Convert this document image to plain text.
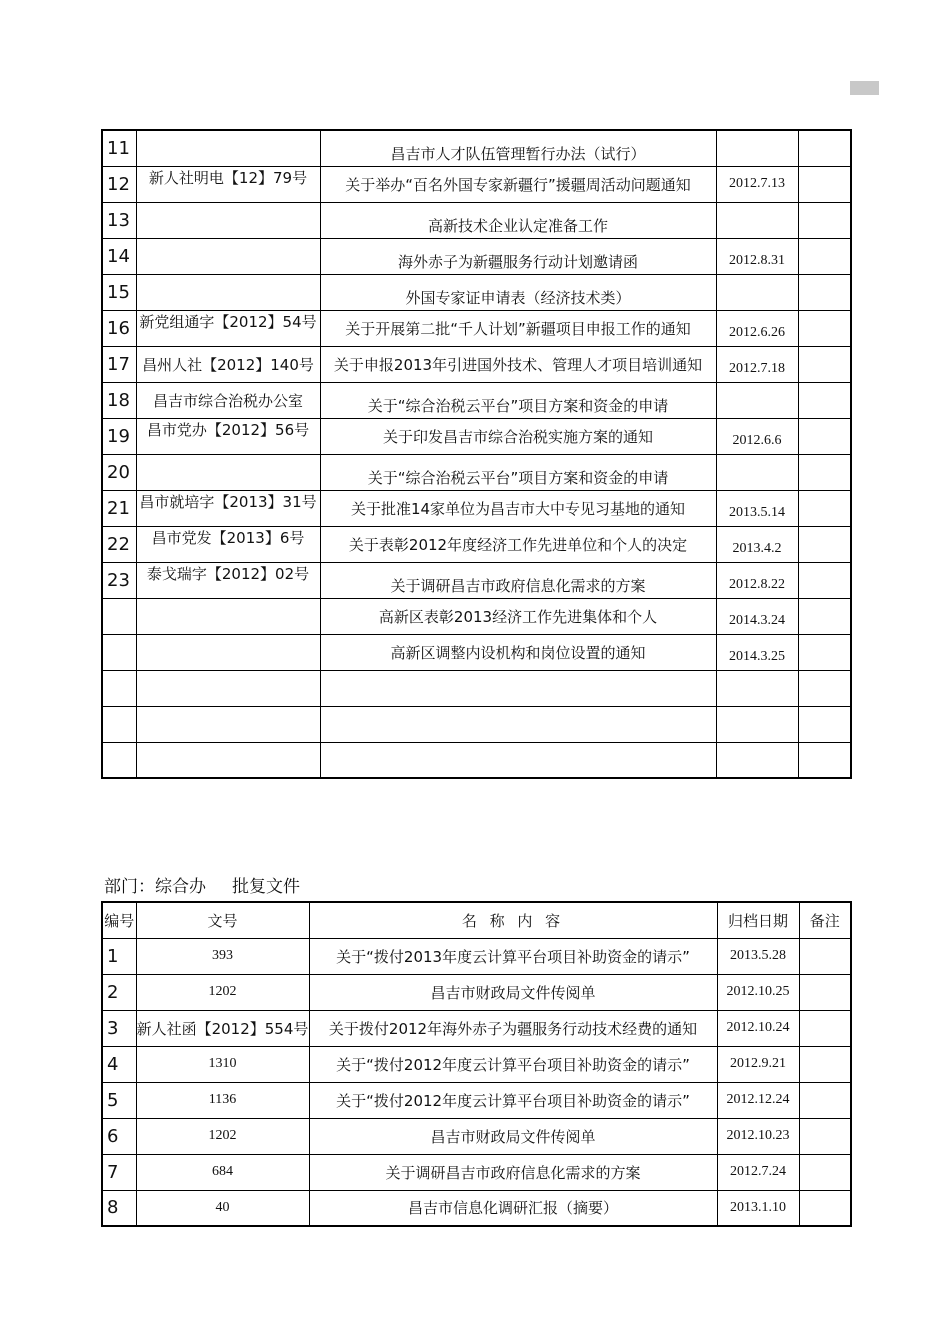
11		昌吉市人才队伍管理暂行办法（试行）		
12	新人社明电【12】79号	关于举办“百名外国专家新疆行”援疆周活动问题通知	2012.7.13	
13		高新技术企业认定准备工作		
14		海外赤子为新疆服务行动计划邀请函	2012.8.31	
15		外国专家证申请表（经济技术类）		
16	新党组通字【2012】54号	关于开展第二批“千人计划”新疆项目申报工作的通知	2012.6.26	
17	昌州人社【2012】140号	关于申报2013年引进国外技术、管理人才项目培训通知	2012.7.18	
18	昌吉市综合治税办公室	关于“综合治税云平台”项目方案和资金的申请		
19	昌市党办【2012】56号	关于印发昌吉市综合治税实施方案的通知	2012.6.6	
20		关于“综合治税云平台”项目方案和资金的申请		
21	昌市就培字【2013】31号	关于批准14家单位为昌吉市大中专见习基地的通知	2013.5.14	
22	昌市党发【2013】6号	关于表彰2012年度经济工作先进单位和个人的决定	2013.4.2	
23	泰戈瑞字【2012】02号	关于调研昌吉市政府信息化需求的方案	2012.8.22	
		高新区表彰2013经济工作先进集体和个人	2014.3.24	
		高新区调整内设机构和岗位设置的通知	2014.3.25	

部门：综合办 批复文件
编号	文号	名 称 内 容	归档日期	备注
1	393	关于“拨付2013年度云计算平台项目补助资金的请示”	2013.5.28	
2	1202	昌吉市财政局文件传阅单	2012.10.25	
3	新人社函【2012】554号	关于拨付2012年海外赤子为疆服务行动技术经费的通知	2012.10.24	
4	1310	关于“拨付2012年度云计算平台项目补助资金的请示”	2012.9.21	
5	1136	关于“拨付2012年度云计算平台项目补助资金的请示”	2012.12.24	
6	1202	昌吉市财政局文件传阅单	2012.10.23	
7	684	关于调研昌吉市政府信息化需求的方案	2012.7.24	
8	40	昌吉市信息化调研汇报（摘要）	2013.1.10	
